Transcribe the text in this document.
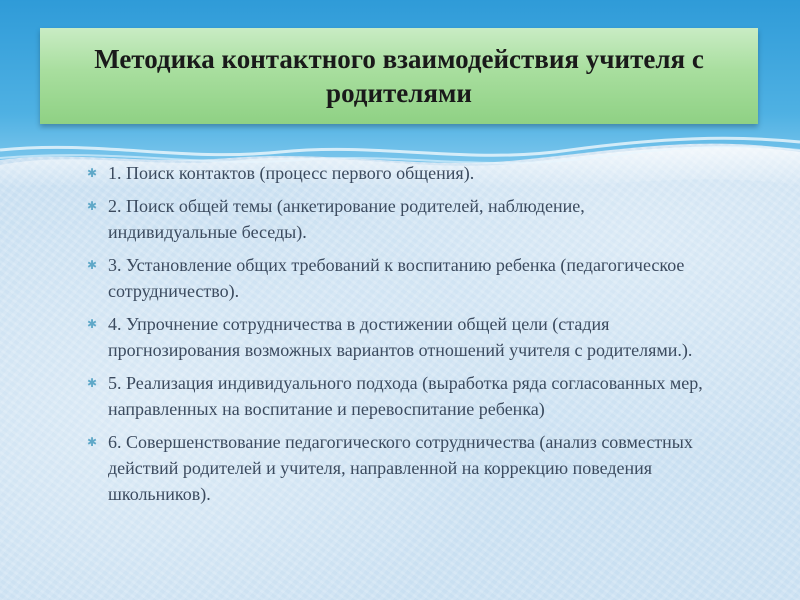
Методика контактного взаимодействия учителя с родителями
✱ 1. Поиск контактов (процесс первого общения).
✱ 2. Поиск общей темы (анкетирование родителей, наблюдение, индивидуальные беседы).
✱ 3. Установление общих требований к воспитанию ребенка (педагогическое сотрудничество).
✱ 4. Упрочнение сотрудничества в достижении общей цели (стадия прогнозирования возможных вариантов отношений учителя с родителями.).
✱ 5. Реализация индивидуального подхода (выработка ряда согласованных мер, направленных на воспитание и перевоспитание ребенка)
✱ 6. Совершенствование педагогического сотрудничества (анализ совместных действий родителей и учителя, направленной на коррекцию поведения школьников).
